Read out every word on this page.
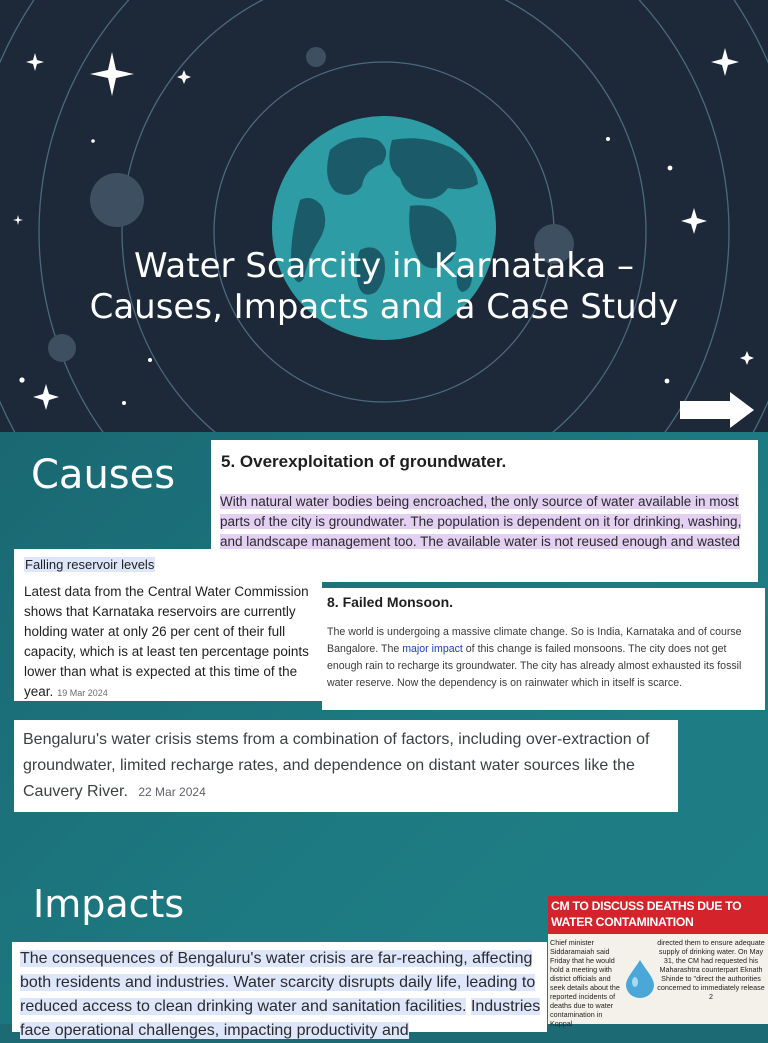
Water Scarcity in Karnataka – Causes, Impacts and a Case Study
Causes	5. Overexploitation of groundwater.
With natural water bodies being encroached, the only source of water available in most parts of the city is groundwater. The population is dependent on it for drinking, washing, and landscape management too. The available water is not reused enough and wasted
Bengaluru's water crisis stems from a combination of factors, including over-extraction of groundwater, limited recharge rates, and dependence on distant water sources like the Cauvery River. 22 Mar 2024
Falling reservoir levels
Latest data from the Central Water Commission shows that Karnataka reservoirs are currently holding water at only 26 per cent of their full capacity, which is at least ten percentage points lower than what is expected at this time of the year. 19 Mar 2024
8. Failed Monsoon.
The world is undergoing a massive climate change. So is India, Karnataka and of course Bangalore. The major impact of this change is failed monsoons. The city does not get enough rain to recharge its groundwater. The city has already almost exhausted its fossil water reserve. Now the dependency is on rainwater which in itself is scarce.
Impacts
The consequences of Bengaluru's water crisis are far-reaching, affecting both residents and industries. Water scarcity disrupts daily life, leading to reduced access to clean drinking water and sanitation facilities. Industries face operational challenges, impacting productivity and
CM TO DISCUSS DEATHS DUE TO WATER CONTAMINATION
Chief minister Siddaramaiah said Friday that he would hold a meeting with district officials and seek details about the reported incidents of deaths due to water contamination in Koppal
directed them to ensure adequate supply of drinking water. On May 31, the CM had requested his Maharashtra counterpart Eknath Shinde to "direct the authorities concerned to immediately release 2
